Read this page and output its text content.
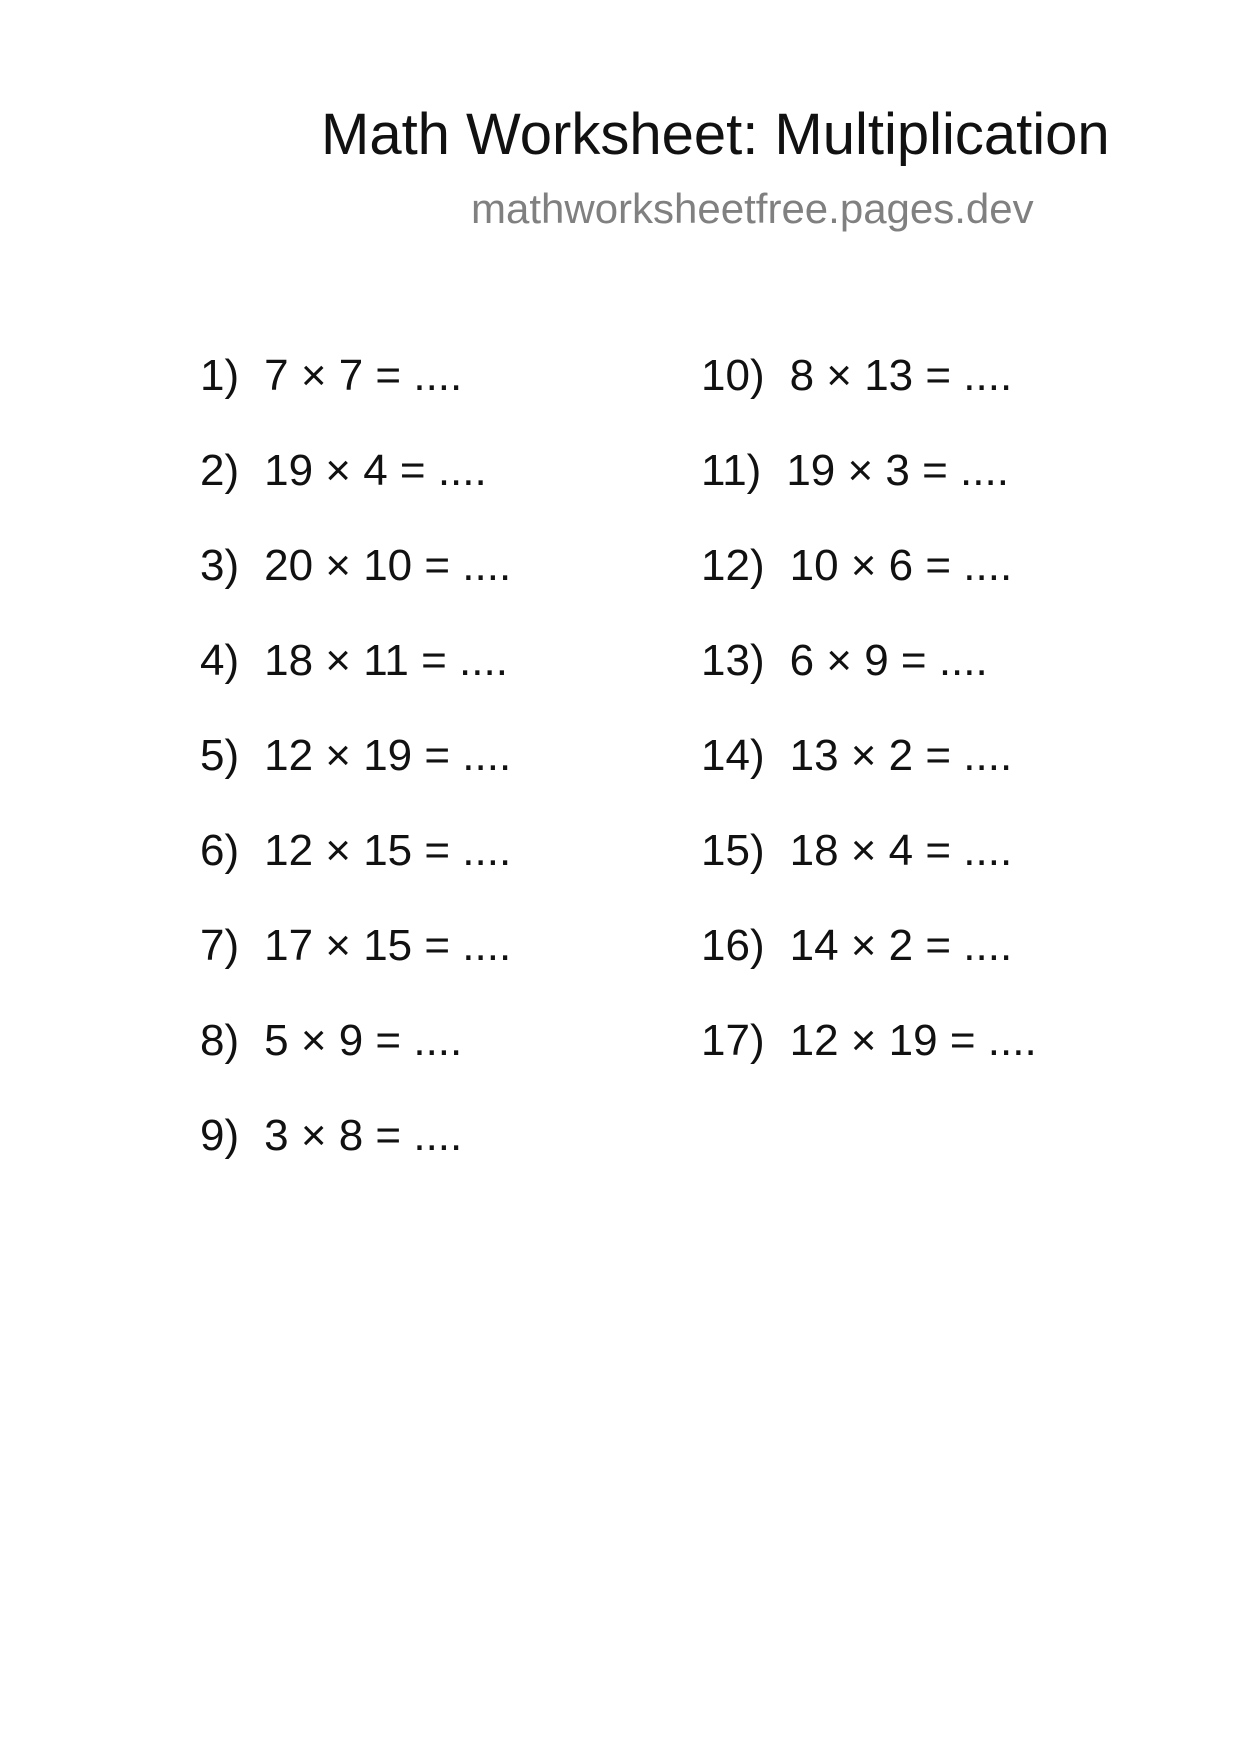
Math Worksheet: Multiplication
mathworksheetfree.pages.dev
1) 7 × 7 = ....
2) 19 × 4 = ....
3) 20 × 10 = ....
4) 18 × 11 = ....
5) 12 × 19 = ....
6) 12 × 15 = ....
7) 17 × 15 = ....
8) 5 × 9 = ....
9) 3 × 8 = ....
10) 8 × 13 = ....
11) 19 × 3 = ....
12) 10 × 6 = ....
13) 6 × 9 = ....
14) 13 × 2 = ....
15) 18 × 4 = ....
16) 14 × 2 = ....
17) 12 × 19 = ....
